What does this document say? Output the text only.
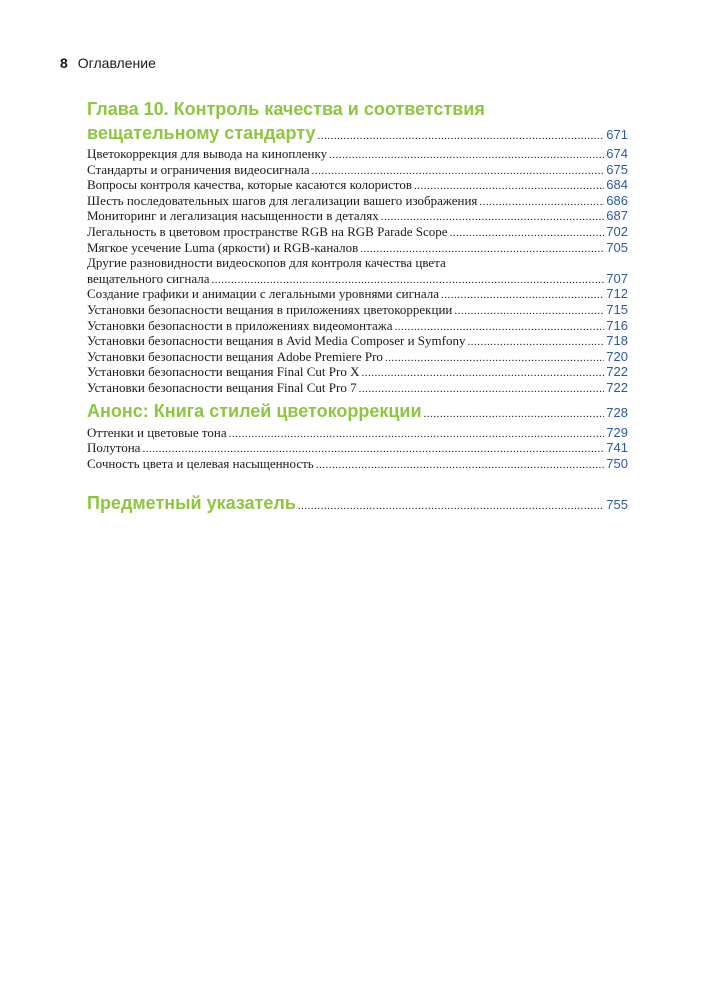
8 Оглавление
Глава 10. Контроль качества и соответствия
вещательному стандарту .....	671
Цветокоррекция для вывода на кинопленку .....	674
Стандарты и ограничения видеосигнала .....	675
Вопросы контроля качества, которые касаются колористов .....	684
Шесть последовательных шагов для легализации вашего изображения .....	686
Мониторинг и легализация насыщенности в деталях .....	687
Легальность в цветовом пространстве RGB на RGB Parade Scope .....	702
Мягкое усечение Luma (яркости) и RGB-каналов .....	705
Другие разновидности видеоскопов для контроля качества цвета
вещательного сигнала .....	707
Создание графики и анимации с легальными уровнями сигнала .....	712
Установки безопасности вещания в приложениях цветокоррекции .....	715
Установки безопасности в приложениях видеомонтажа .....	716
Установки безопасности вещания в Avid Media Composer и Symfony .....	718
Установки безопасности вещания Adobe Premiere Pro .....	720
Установки безопасности вещания Final Cut Pro X .....	722
Установки безопасности вещания Final Cut Pro 7 .....	722
Анонс: Книга стилей цветокоррекции .....	728
Оттенки и цветовые тона .....	729
Полутона .....	741
Сочность цвета и целевая насыщенность .....	750
Предметный указатель .....	755
